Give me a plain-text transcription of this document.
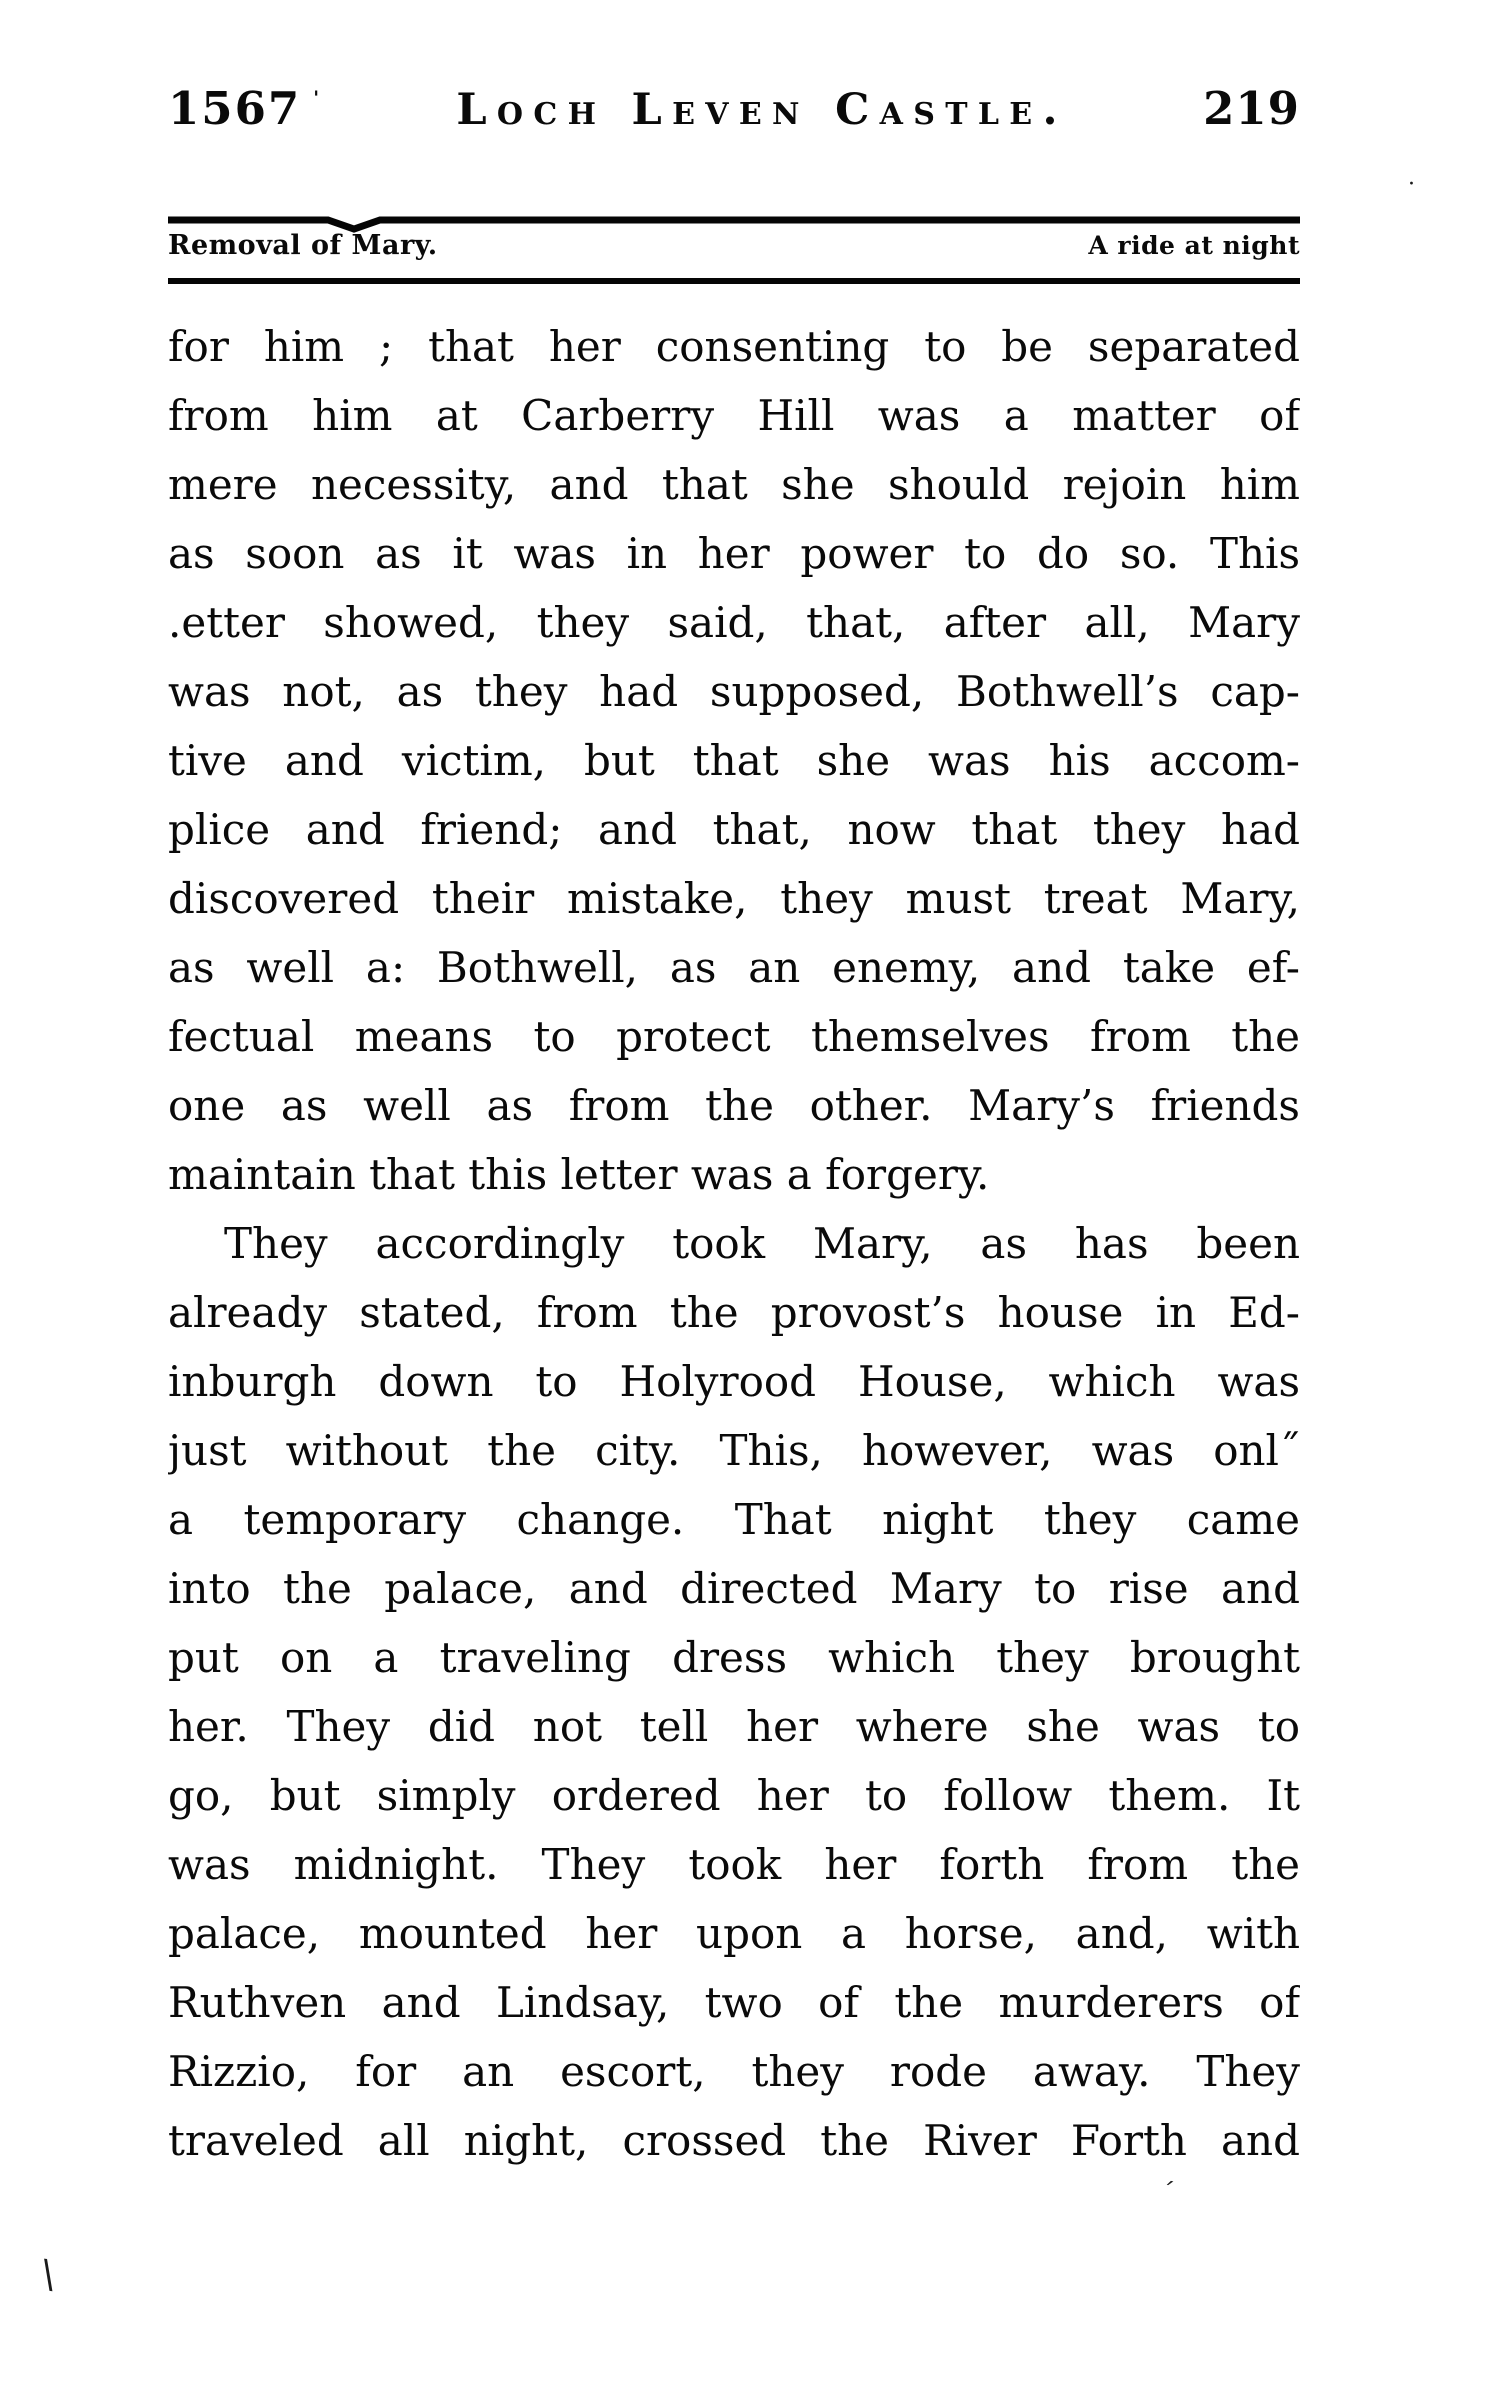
1567 '	Loch Leven Castle.	219
Removal of Mary.	A ride at night
for him ; that her consenting to be separated
from him at Carberry Hill was a matter of
mere necessity, and that she should rejoin him
as soon as it was in her power to do so. This
.etter showed, they said, that, after all, Mary
was not, as they had supposed, Bothwell’s cap-
tive and victim, but that she was his accom-
plice and friend; and that, now that they had
discovered their mistake, they must treat Mary,
as well a: Bothwell, as an enemy, and take ef-
fectual means to protect themselves from the
one as well as from the other. Mary’s friends
maintain that this letter was a forgery.
They accordingly took Mary, as has been
already stated, from the provost’s house in Ed-
inburgh down to Holyrood House, which was
just without the city. This, however, was onl˝
a temporary change. That night they came
into the palace, and directed Mary to rise and
put on a traveling dress which they brought
her. They did not tell her where she was to
go, but simply ordered her to follow them. It
was midnight. They took her forth from the
palace, mounted her upon a horse, and, with
Ruthven and Lindsay, two of the murderers of
Rizzio, for an escort, they rode away. They
traveled all night, crossed the River Forth and
·
ˊ
\
